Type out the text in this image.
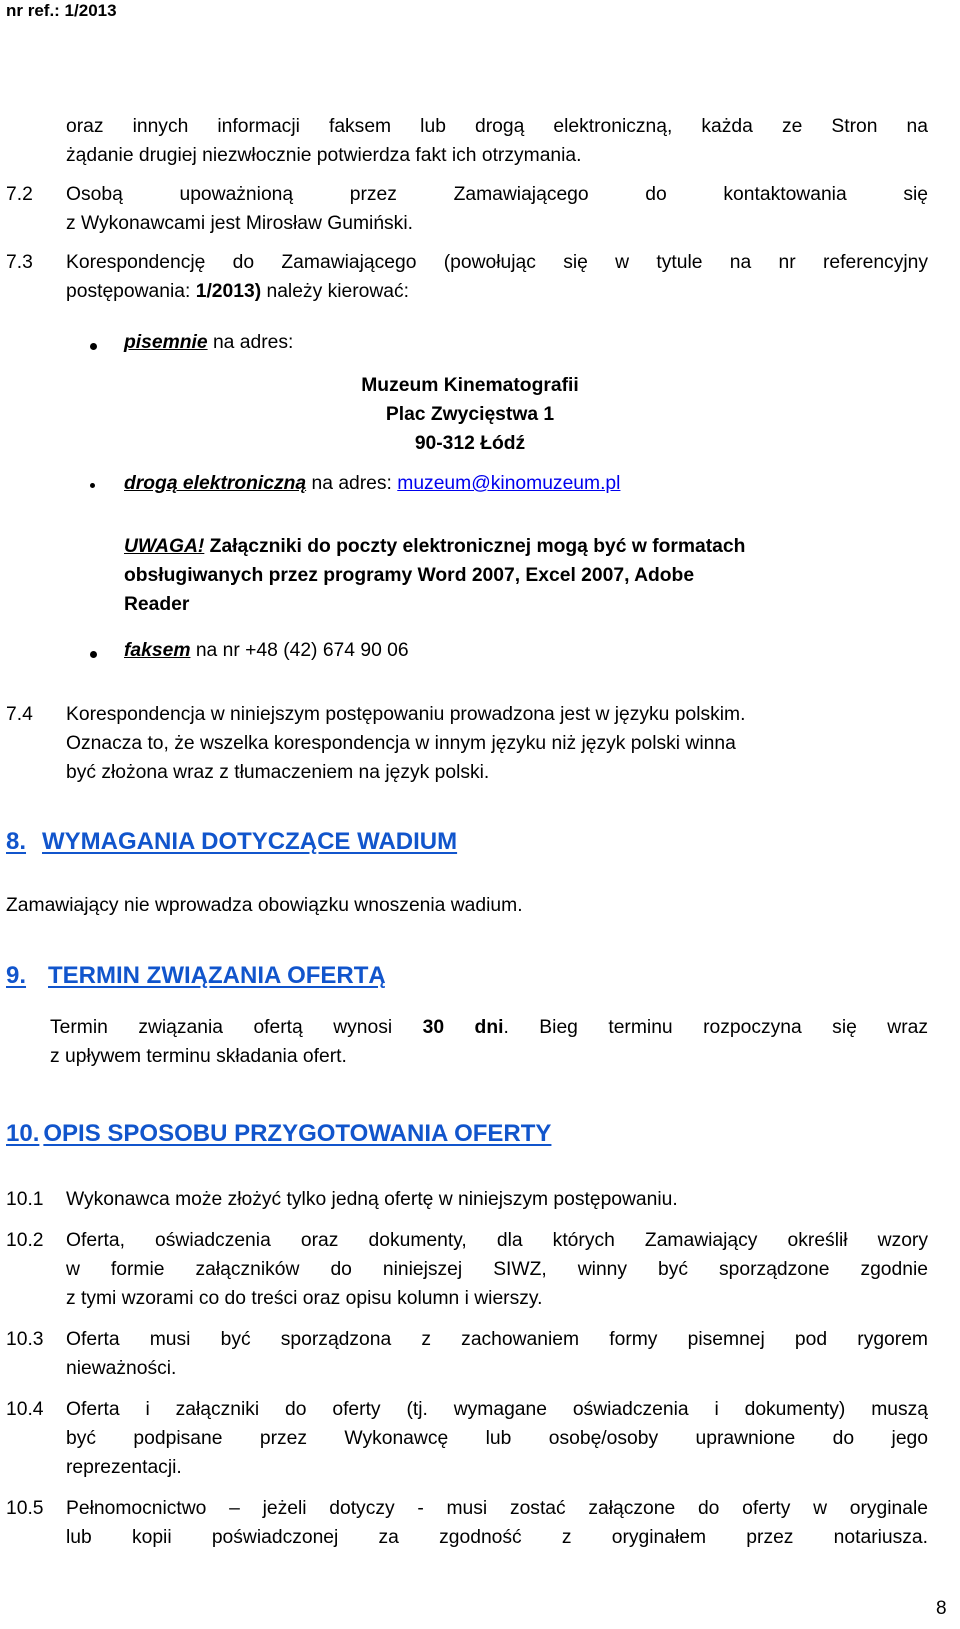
nr ref.: 1/2013
oraz innych informacji faksem lub drogą elektroniczną, każda ze Stron na
żądanie drugiej niezwłocznie potwierdza fakt ich otrzymania.
7.2 Osobą upoważnioną przez Zamawiającego do kontaktowania się
z Wykonawcami jest Mirosław Gumiński.
7.3 Korespondencję do Zamawiającego (powołując się w tytule na nr referencyjny
postępowania: 1/2013) należy kierować:
pisemnie na adres:
Muzeum Kinematografii
Plac Zwycięstwa 1
90-312 Łódź
drogą elektroniczną na adres: muzeum@kinomuzeum.pl
UWAGA! Załączniki do poczty elektronicznej mogą być w formatach
obsługiwanych przez programy Word 2007, Excel 2007, Adobe
Reader
faksem na nr +48 (42) 674 90 06
7.4 Korespondencja w niniejszym postępowaniu prowadzona jest w języku polskim.
Oznacza to, że wszelka korespondencja w innym języku niż język polski winna
być złożona wraz z tłumaczeniem na język polski.
8. WYMAGANIA DOTYCZĄCE WADIUM
Zamawiający nie wprowadza obowiązku wnoszenia wadium.
9. TERMIN ZWIĄZANIA OFERTĄ
Termin związania ofertą wynosi 30 dni. Bieg terminu rozpoczyna się wraz
z upływem terminu składania ofert.
10. OPIS SPOSOBU PRZYGOTOWANIA OFERTY
10.1 Wykonawca może złożyć tylko jedną ofertę w niniejszym postępowaniu.
10.2 Oferta, oświadczenia oraz dokumenty, dla których Zamawiający określił wzory
w formie załączników do niniejszej SIWZ, winny być sporządzone zgodnie
z tymi wzorami co do treści oraz opisu kolumn i wierszy.
10.3 Oferta musi być sporządzona z zachowaniem formy pisemnej pod rygorem
nieważności.
10.4 Oferta i załączniki do oferty (tj. wymagane oświadczenia i dokumenty) muszą
być podpisane przez Wykonawcę lub osobę/osoby uprawnione do jego
reprezentacji.
10.5 Pełnomocnictwo – jeżeli dotyczy - musi zostać załączone do oferty w oryginale
lub kopii poświadczonej za zgodność z oryginałem przez notariusza.
8
